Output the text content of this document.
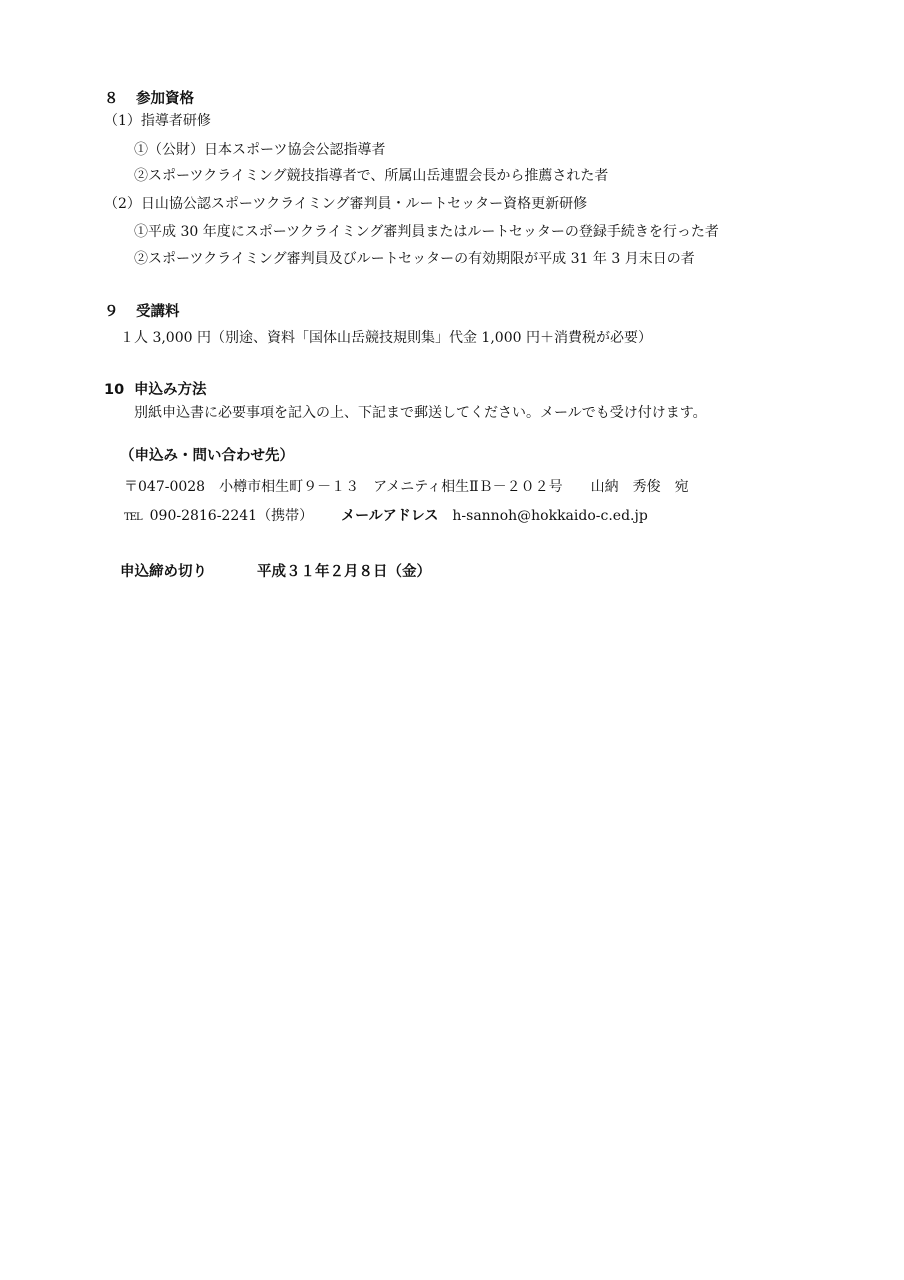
８ 参加資格
（1）指導者研修
①（公財）日本スポーツ協会公認指導者
②スポーツクライミング競技指導者で、所属山岳連盟会長から推薦された者
（2）日山協公認スポーツクライミング審判員・ルートセッター資格更新研修
①平成 30 年度にスポーツクライミング審判員またはルートセッターの登録手続きを行った者
②スポーツクライミング審判員及びルートセッターの有効期限が平成 31 年 3 月末日の者
９ 受講料
１人 3,000 円（別途、資料「国体山岳競技規則集」代金 1,000 円＋消費税が必要）
10 申込み方法
別紙申込書に必要事項を記入の上、下記まで郵送してください。メールでも受け付けます。
（申込み・問い合わせ先）
〒047-0028 小樽市相生町９－１３　アメニティ相生ⅡＢ－２０２号 山納　秀俊　宛
TEL 090-2816-2241（携帯） メールアドレス h-sannoh@hokkaido-c.ed.jp
申込締め切り	平成３１年２月８日（金）
